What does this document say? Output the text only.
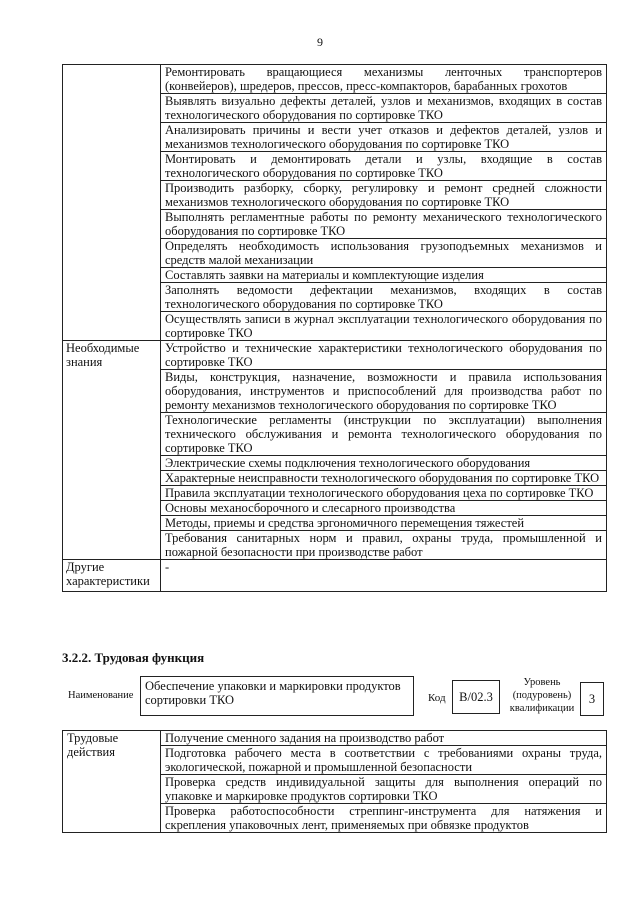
9
	Ремонтировать вращающиеся механизмы ленточных транспортеров (конвейеров), шредеров, прессов, пресс-компакторов, барабанных грохотов
	Выявлять визуально дефекты деталей, узлов и механизмов, входящих в состав технологического оборудования по сортировке ТКО
	Анализировать причины и вести учет отказов и дефектов деталей, узлов и механизмов технологического оборудования по сортировке ТКО
	Монтировать и демонтировать детали и узлы, входящие в состав технологического оборудования по сортировке ТКО
	Производить разборку, сборку, регулировку и ремонт средней сложности механизмов технологического оборудования по сортировке ТКО
	Выполнять регламентные работы по ремонту механического технологического оборудования по сортировке ТКО
	Определять необходимость использования грузоподъемных механизмов и средств малой механизации
	Составлять заявки на материалы и комплектующие изделия
	Заполнять ведомости дефектации механизмов, входящих в состав технологического оборудования по сортировке ТКО
	Осуществлять записи в журнал эксплуатации технологического оборудования по сортировке ТКО
Необходимые знания	Устройство и технические характеристики технологического оборудования по сортировке ТКО
	Виды, конструкция, назначение, возможности и правила использования оборудования, инструментов и приспособлений для производства работ по ремонту механизмов технологического оборудования по сортировке ТКО
	Технологические регламенты (инструкции по эксплуатации) выполнения технического обслуживания и ремонта технологического оборудования по сортировке ТКО
	Электрические схемы подключения технологического оборудования
	Характерные неисправности технологического оборудования по сортировке ТКО
	Правила эксплуатации технологического оборудования цеха по сортировке ТКО
	Основы механосборочного и слесарного производства
	Методы, приемы и средства эргономичного перемещения тяжестей
	Требования санитарных норм и правил, охраны труда, промышленной и пожарной безопасности при производстве работ
Другие характеристики	-
3.2.2. Трудовая функция
Наименование
Обеспечение упаковки и маркировки продуктов сортировки ТКО	Код	B/02.3
Уровень (подуровень) квалификации
3
Трудовые действия	Получение сменного задания на производство работ
Подготовка рабочего места в соответствии с требованиями охраны труда, экологической, пожарной и промышленной безопасности
Проверка средств индивидуальной защиты для выполнения операций по упаковке и маркировке продуктов сортировки ТКО
Проверка работоспособности стреппинг-инструмента для натяжения и скрепления упаковочных лент, применяемых при обвязке продуктов
